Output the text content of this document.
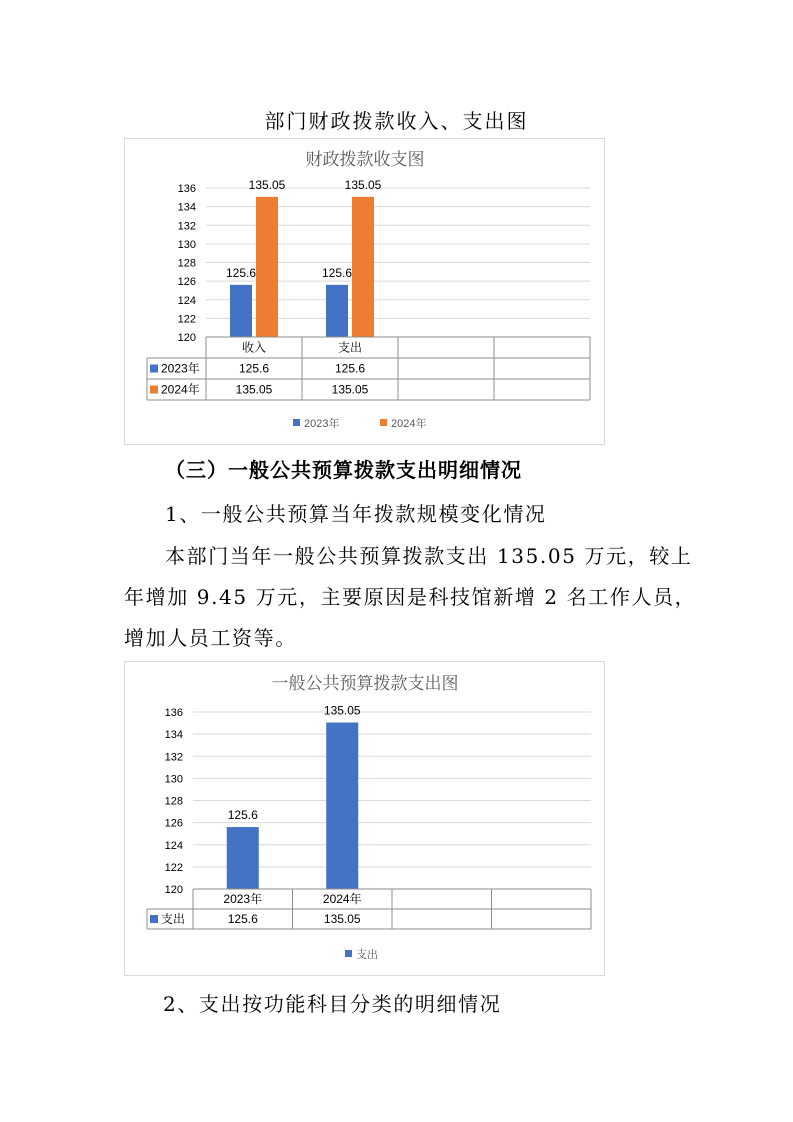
部门财政拨款收入、支出图
财政拨款收支图
120
122
124
126
128
130
132
134
136
125.6
135.05
125.6
135.05
收入	支出
2023年	125.6	125.6
2024年	135.05	135.05
2023年	2024年
（三）一般公共预算拨款支出明细情况
1、一般公共预算当年拨款规模变化情况
本部门当年一般公共预算拨款支出 135.05 万元，较上
年增加 9.45 万元，主要原因是科技馆新增 2 名工作人员，
增加人员工资等。
一般公共预算拨款支出图
120
122
124
126
128
130
132
134
136
125.6
135.05
2023年	2024年
支出	125.6	135.05
支出
2、支出按功能科目分类的明细情况
